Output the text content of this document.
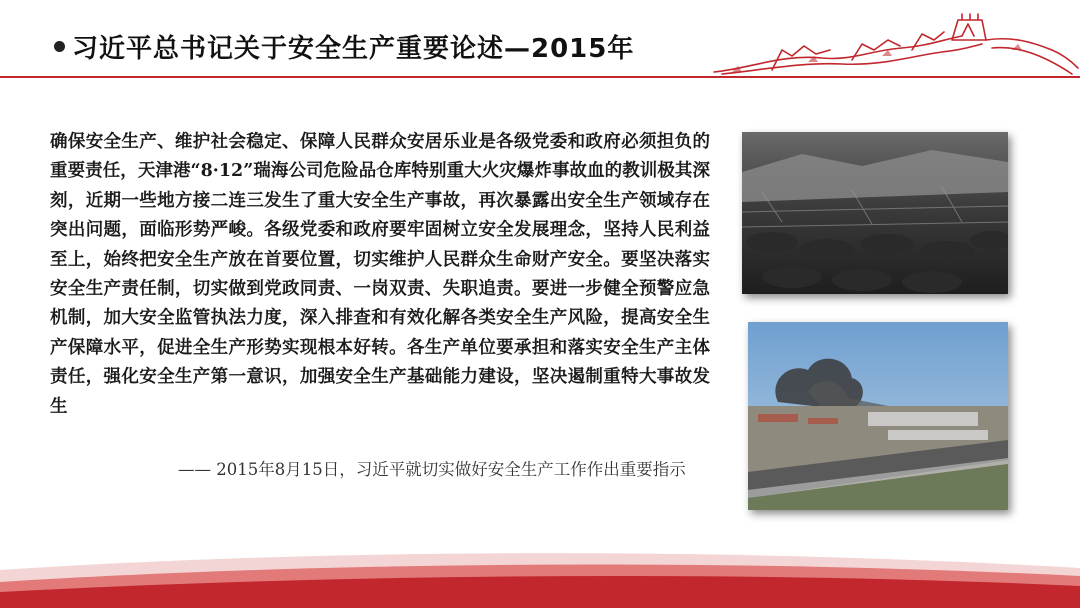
习近平总书记关于安全生产重要论述—2015年
确保安全生产、维护社会稳定、保障人民群众安居乐业是各级党委和政府必须担负的重要责任，天津港“8·12”瑞海公司危险品仓库特别重大火灾爆炸事故血的教训极其深刻，近期一些地方接二连三发生了重大安全生产事故，再次暴露出安全生产领域存在突出问题，面临形势严峻。各级党委和政府要牢固树立安全发展理念，坚持人民利益至上，始终把安全生产放在首要位置，切实维护人民群众生命财产安全。要坚决落实安全生产责任制，切实做到党政同责、一岗双责、失职追责。要进一步健全预警应急机制，加大安全监管执法力度，深入排查和有效化解各类安全生产风险，提高安全生产保障水平，促进全生产形势实现根本好转。各生产单位要承担和落实安全生产主体责任，强化安全生产第一意识，加强安全生产基础能力建设，坚决遏制重特大事故发生
—— 2015年8月15日，习近平就切实做好安全生产工作作出重要指示
